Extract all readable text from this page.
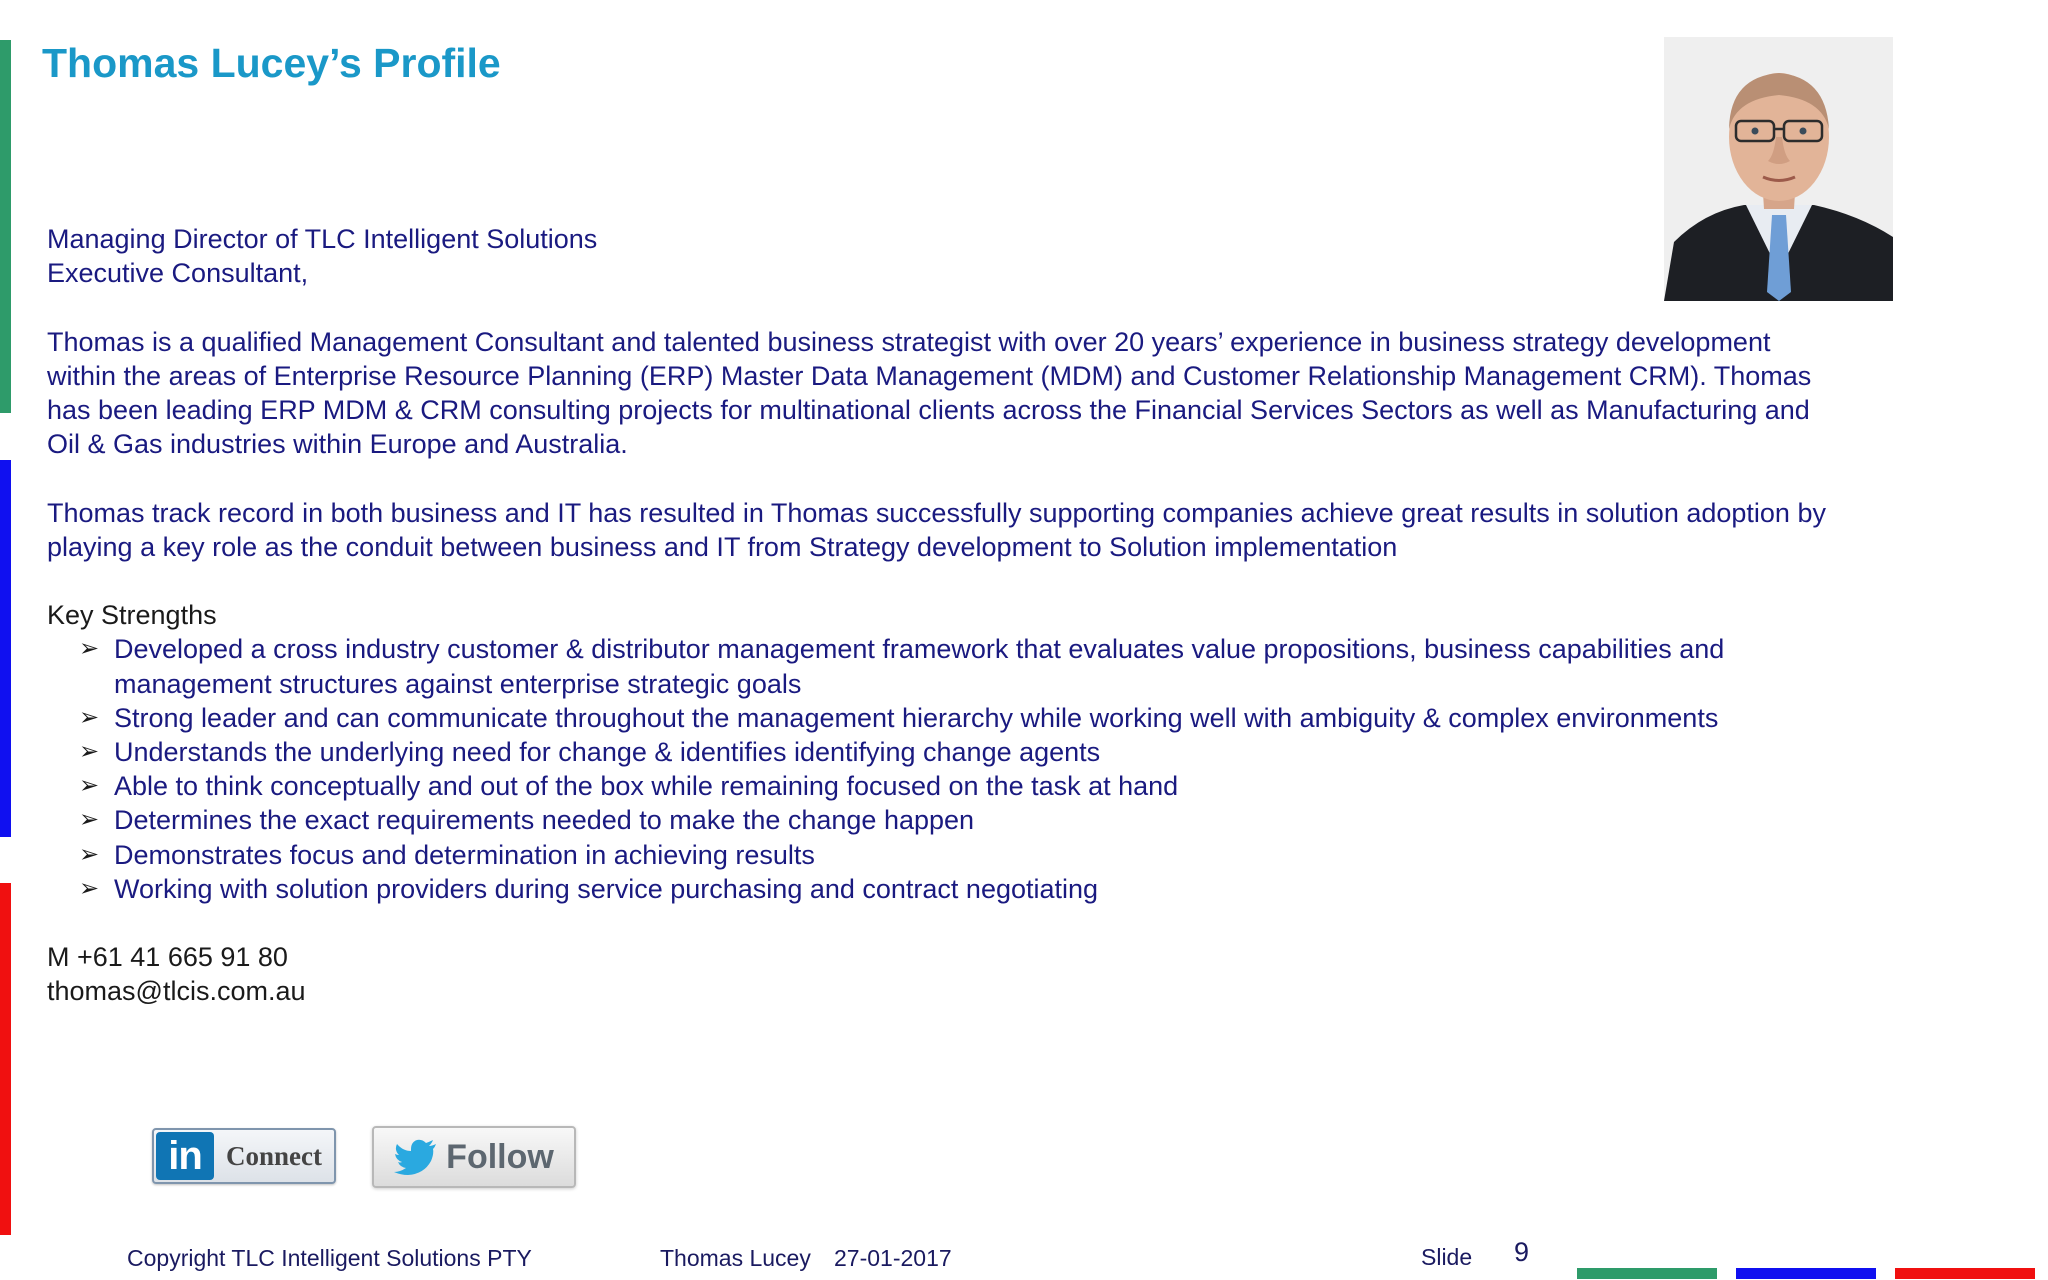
Thomas Lucey’s Profile

Managing Director of TLC Intelligent Solutions

Executive Consultant,

Thomas is a qualified Management Consultant and talented business strategist with over 20 years’ experience in business strategy development within the areas of Enterprise Resource Planning (ERP) Master Data Management (MDM) and Customer Relationship Management CRM). Thomas has been leading ERP MDM & CRM consulting projects for multinational clients across the Financial Services Sectors as well as Manufacturing and Oil & Gas industries within Europe and Australia.

Thomas track record in both business and IT has resulted in Thomas successfully supporting companies achieve great results in solution adoption by playing a key role as the conduit between business and IT from Strategy development to Solution implementation

Key Strengths

➢ Developed a cross industry customer & distributor management framework that evaluates value propositions, business capabilities and management structures against enterprise strategic goals
➢ Strong leader and can communicate throughout the management hierarchy while working well with ambiguity & complex environments
➢ Understands the underlying need for change & identifies identifying change agents
➢ Able to think conceptually and out of the box while remaining focused on the task at hand
➢ Determines the exact requirements needed to make the change happen
➢ Demonstrates focus and determination in achieving results
➢ Working with solution providers during service purchasing and contract negotiating

M +61 41 665 91 80

thomas@tlcis.com.au

in Connect	Follow
Copyright TLC Intelligent Solutions PTY	Thomas Lucey 27-01-2017	Slide 9
